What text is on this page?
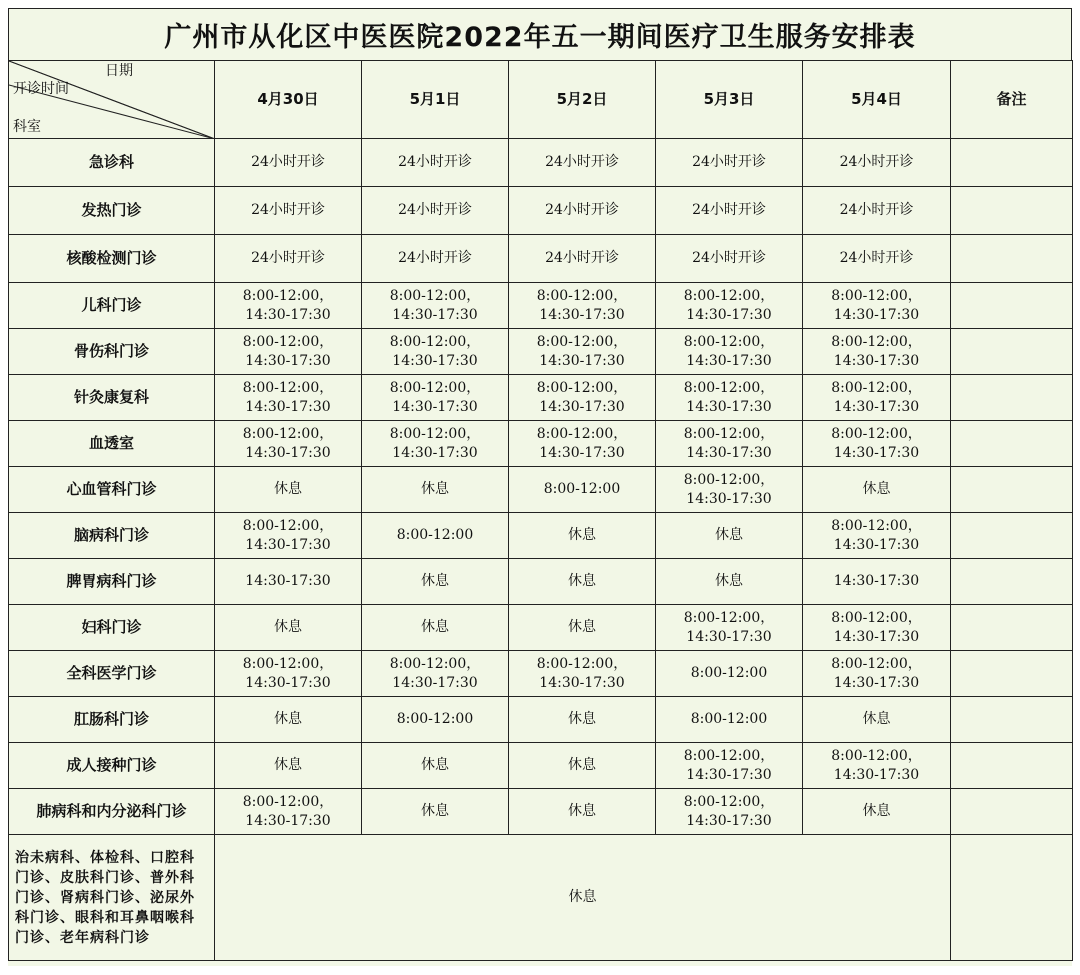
广州市从化区中医医院2022年五一期间医疗卫生服务安排表
日期
开诊时间
科室	4月30日	5月1日	5月2日	5月3日	5月4日	备注
急诊科	24小时开诊	24小时开诊	24小时开诊	24小时开诊	24小时开诊	

发热门诊	24小时开诊	24小时开诊	24小时开诊	24小时开诊	24小时开诊	

核酸检测门诊	24小时开诊	24小时开诊	24小时开诊	24小时开诊	24小时开诊	

儿科门诊	8:00-12:00，
14:30-17:30	8:00-12:00，
14:30-17:30	8:00-12:00，
14:30-17:30	8:00-12:00，
14:30-17:30	8:00-12:00，
14:30-17:30	

骨伤科门诊	8:00-12:00，
14:30-17:30	8:00-12:00，
14:30-17:30	8:00-12:00，
14:30-17:30	8:00-12:00，
14:30-17:30	8:00-12:00，
14:30-17:30	

针灸康复科	8:00-12:00，
14:30-17:30	8:00-12:00，
14:30-17:30	8:00-12:00，
14:30-17:30	8:00-12:00，
14:30-17:30	8:00-12:00，
14:30-17:30	

血透室	8:00-12:00，
14:30-17:30	8:00-12:00，
14:30-17:30	8:00-12:00，
14:30-17:30	8:00-12:00，
14:30-17:30	8:00-12:00，
14:30-17:30	

心血管科门诊	休息	休息	8:00-12:00	8:00-12:00，
14:30-17:30	休息	

脑病科门诊	8:00-12:00，
14:30-17:30	8:00-12:00	休息	休息	8:00-12:00，
14:30-17:30	

脾胃病科门诊	14:30-17:30	休息	休息	休息	14:30-17:30	

妇科门诊	休息	休息	休息	8:00-12:00，
14:30-17:30	8:00-12:00，
14:30-17:30	

全科医学门诊	8:00-12:00，
14:30-17:30	8:00-12:00，
14:30-17:30	8:00-12:00，
14:30-17:30	8:00-12:00	8:00-12:00，
14:30-17:30	

肛肠科门诊	休息	8:00-12:00	休息	8:00-12:00	休息	

成人接种门诊	休息	休息	休息	8:00-12:00，
14:30-17:30	8:00-12:00，
14:30-17:30	

肺病科和内分泌科门诊	8:00-12:00，
14:30-17:30	休息	休息	8:00-12:00，
14:30-17:30	休息	

治未病科、体检科、口腔科门诊、皮肤科门诊、普外科门诊、肾病科门诊、泌尿外科门诊、眼科和耳鼻咽喉科门诊、老年病科门诊	休息					
